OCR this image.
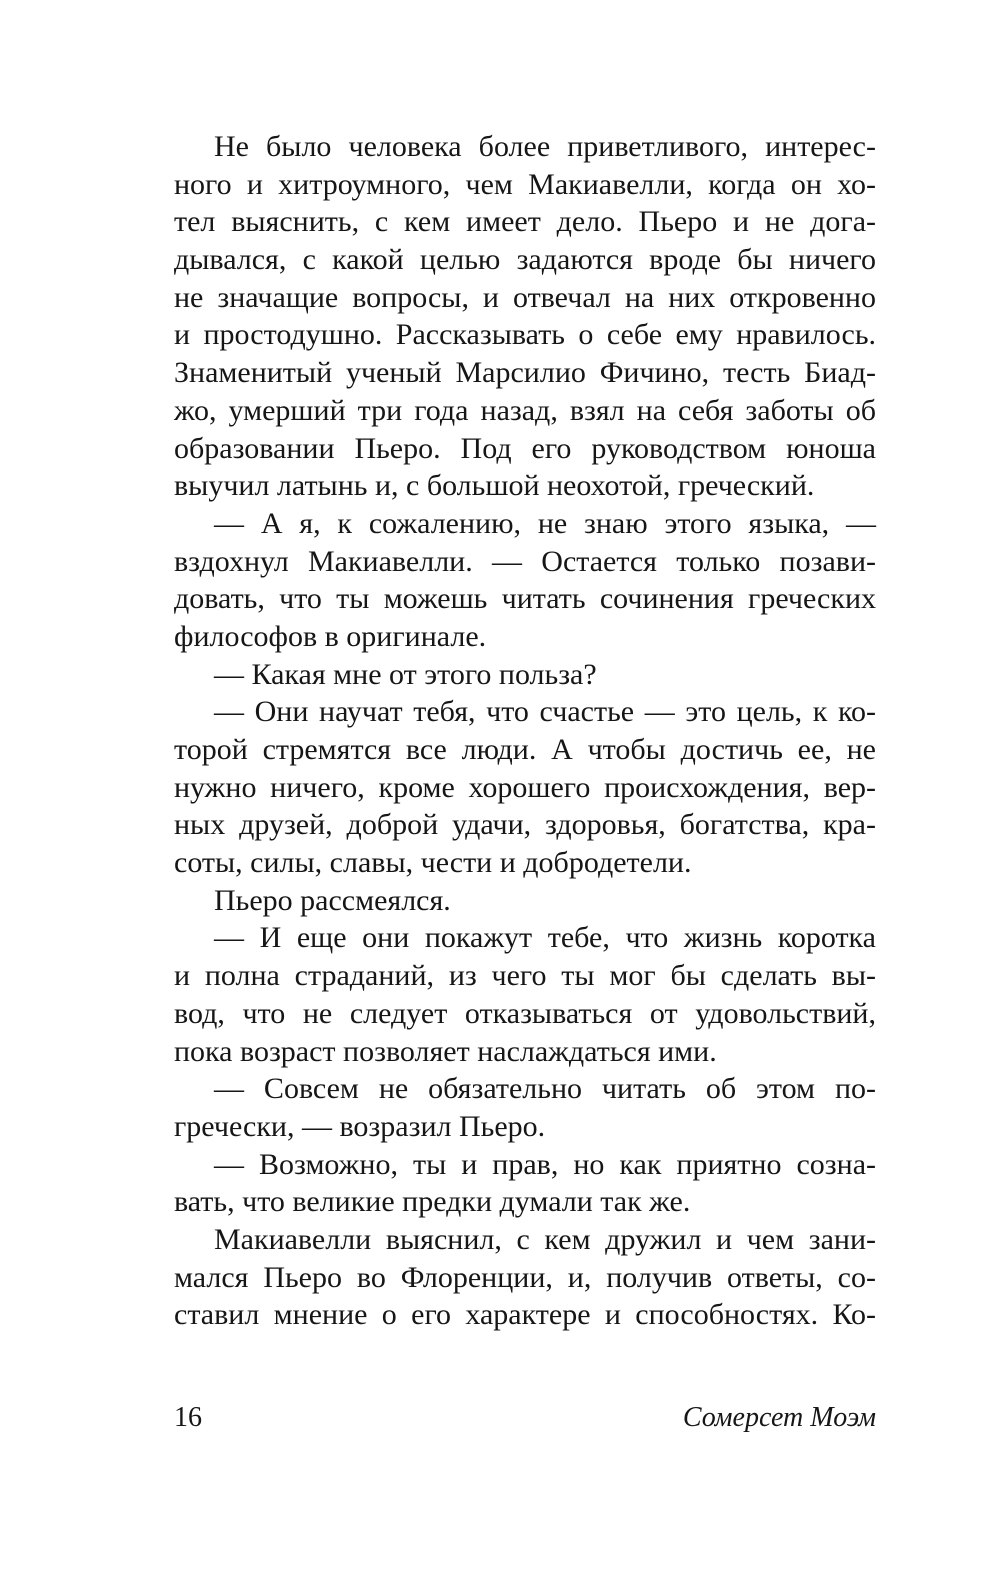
Не было человека более приветливого, интерес-
ного и хитроумного, чем Макиавелли, когда он хо-
тел выяснить, с кем имеет дело. Пьеро и не дога-
дывался, с какой целью задаются вроде бы ничего
не значащие вопросы, и отвечал на них откровенно
и простодушно. Рассказывать о себе ему нравилось.
Знаменитый ученый Марсилио Фичино, тесть Биад-
жо, умерший три года назад, взял на себя заботы об
образовании Пьеро. Под его руководством юноша
выучил латынь и, с большой неохотой, греческий.
— А я, к сожалению, не знаю этого языка, —
вздохнул Макиавелли. — Остается только позави-
довать, что ты можешь читать сочинения греческих
философов в оригинале.
— Какая мне от этого польза?
— Они научат тебя, что счастье — это цель, к ко-
торой стремятся все люди. А чтобы достичь ее, не
нужно ничего, кроме хорошего происхождения, вер-
ных друзей, доброй удачи, здоровья, богатства, кра-
соты, силы, славы, чести и добродетели.
Пьеро рассмеялся.
— И еще они покажут тебе, что жизнь коротка
и полна страданий, из чего ты мог бы сделать вы-
вод, что не следует отказываться от удовольствий,
пока возраст позволяет наслаждаться ими.
— Совсем не обязательно читать об этом по-
гречески, — возразил Пьеро.
— Возможно, ты и прав, но как приятно созна-
вать, что великие предки думали так же.
Макиавелли выяснил, с кем дружил и чем зани-
мался Пьеро во Флоренции, и, получив ответы, со-
ставил мнение о его характере и способностях. Ко-
16	Сомерсет Моэм
